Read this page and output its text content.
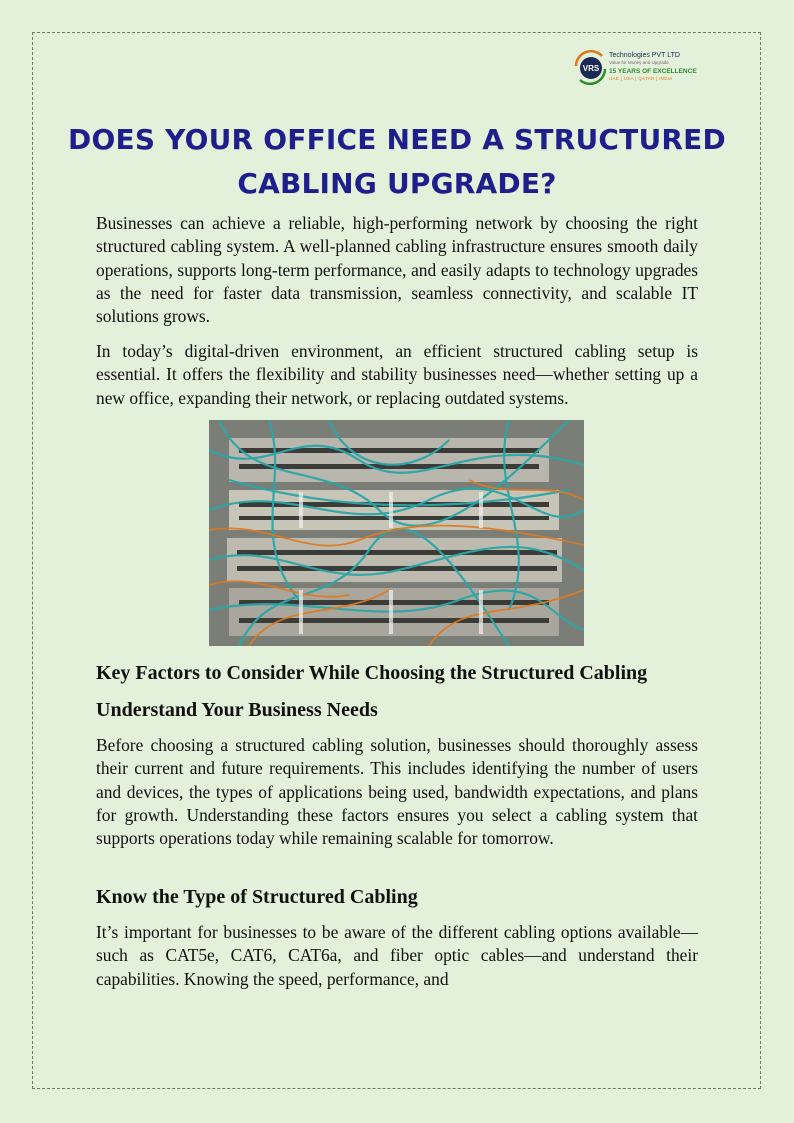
VRS
Technologies PVT LTD
Value for Money and Upgrade
15 YEARS OF EXCELLENCE
UAE | USA | QATAR | INDIA
DOES YOUR OFFICE NEED A STRUCTURED CABLING UPGRADE?

Businesses can achieve a reliable, high-performing network by choosing the right structured cabling system. A well-planned cabling infrastructure ensures smooth daily operations, supports long-term performance, and easily adapts to technology upgrades as the need for faster data transmission, seamless connectivity, and scalable IT solutions grows.

In today’s digital-driven environment, an efficient structured cabling setup is essential. It offers the flexibility and stability businesses need—whether setting up a new office, expanding their network, or replacing outdated systems.

Key Factors to Consider While Choosing the Structured Cabling
Understand Your Business Needs

Before choosing a structured cabling solution, businesses should thoroughly assess their current and future requirements. This includes identifying the number of users and devices, the types of applications being used, bandwidth expectations, and plans for growth. Understanding these factors ensures you select a cabling system that supports operations today while remaining scalable for tomorrow.

Know the Type of Structured Cabling

It’s important for businesses to be aware of the different cabling options available—such as CAT5e, CAT6, CAT6a, and fiber optic cables—and understand their capabilities. Knowing the speed, performance, and
